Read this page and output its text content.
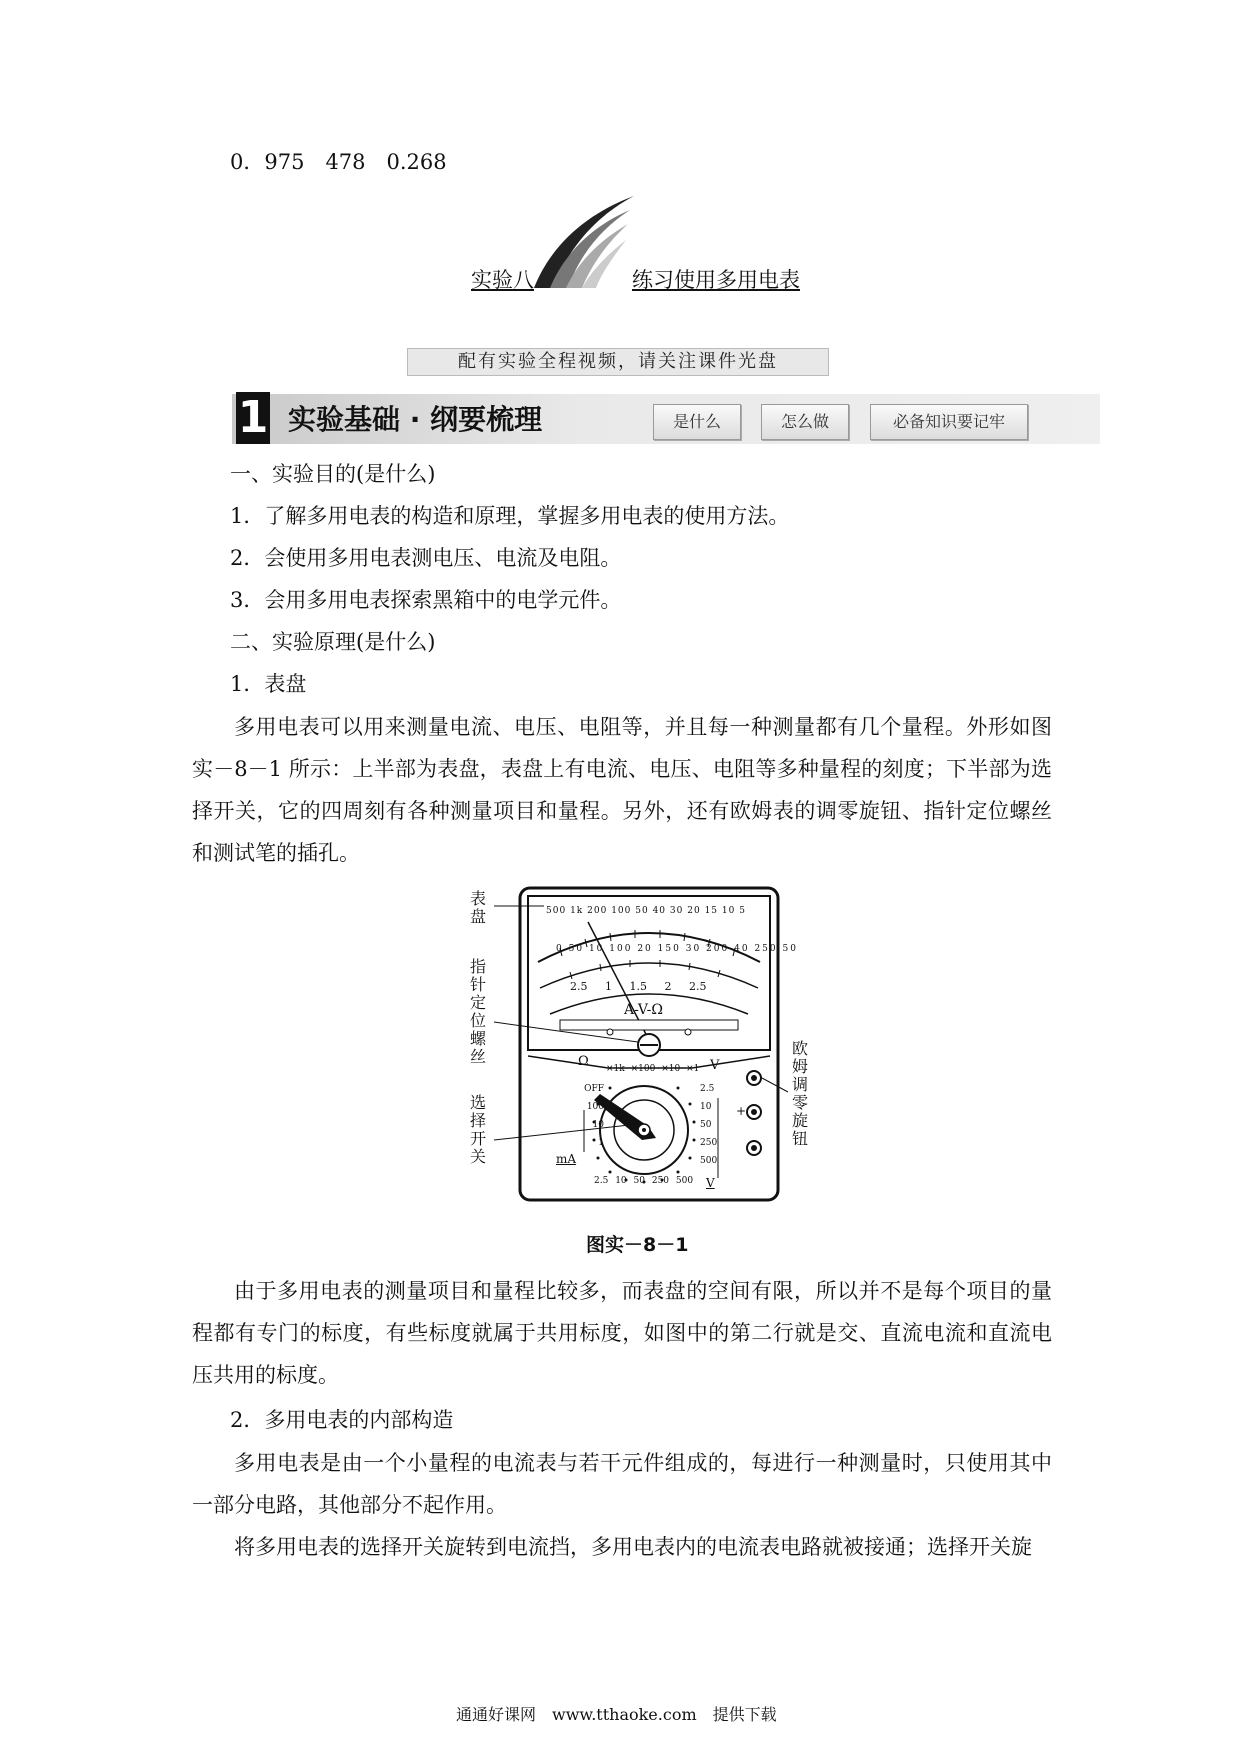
0．975　478　0.268
实验八	练习使用多用电表
配有实验全程视频，请关注课件光盘
1 实验基础 · 纲要梳理	是什么	怎么做	必备知识要记牢
一、实验目的(是什么)
1．了解多用电表的构造和原理，掌握多用电表的使用方法。
2．会使用多用电表测电压、电流及电阻。
3．会用多用电表探索黑箱中的电学元件。
二、实验原理(是什么)
1．表盘
多用电表可以用来测量电流、电压、电阻等，并且每一种测量都有几个量程。外形如图实－8－1 所示：上半部为表盘，表盘上有电流、电压、电阻等多种量程的刻度；下半部为选择开关，它的四周刻有各种测量项目和量程。另外，还有欧姆表的调零旋钮、指针定位螺丝和测试笔的插孔。
表盘
指针定位螺丝
选择开关
欧姆调零旋钮
A-V-Ω
500 1k 200 100 50 40 30 20 15 10 5
0 50 10 100 20 150 30 200 40 250 50
2.5 1 1.5 2 2.5
Ω ×1k ×100 ×10 ×1 V
OFF
100
10
1
mA
2.5
10
50
250
500
+
2.5 10 50 250 500 V
图实－8－1
由于多用电表的测量项目和量程比较多，而表盘的空间有限，所以并不是每个项目的量程都有专门的标度，有些标度就属于共用标度，如图中的第二行就是交、直流电流和直流电压共用的标度。
2．多用电表的内部构造
多用电表是由一个小量程的电流表与若干元件组成的，每进行一种测量时，只使用其中一部分电路，其他部分不起作用。
将多用电表的选择开关旋转到电流挡，多用电表内的电流表电路就被接通；选择开关旋
通通好课网　www.tthaoke.com　提供下载
